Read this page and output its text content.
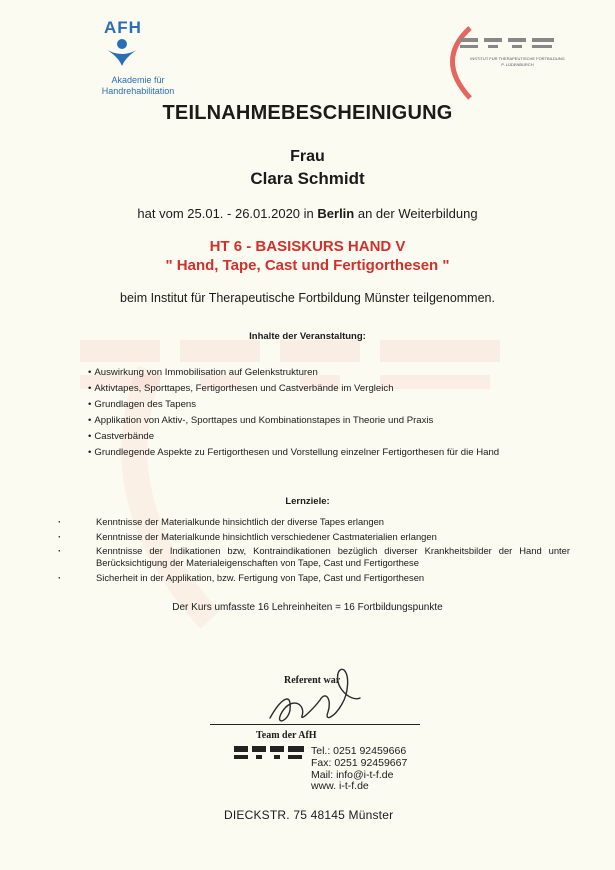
AFH
Akademie für
Handrehabilitation
INSTITUT FÜR THERAPEUTISCHE FORTBILDUNG
P. LÜDENBURCH
TEILNAHMEBESCHEINIGUNG
Frau
Clara Schmidt
hat vom 25.01. - 26.01.2020 in Berlin an der Weiterbildung
HT 6 - BASISKURS HAND V
" Hand, Tape, Cast und Fertigorthesen "
beim Institut für Therapeutische Fortbildung Münster teilgenommen.
Inhalte der Veranstaltung:
• Auswirkung von Immobilisation auf Gelenkstrukturen
• Aktivtapes, Sporttapes, Fertigorthesen und Castverbände im Vergleich
• Grundlagen des Tapens
• Applikation von Aktiv-, Sporttapes und Kombinationstapes in Theorie und Praxis
• Castverbände
• Grundlegende Aspekte zu Fertigorthesen und Vorstellung einzelner Fertigorthesen für die Hand
Lernziele:
· Kenntnisse der Materialkunde hinsichtlich der diverse Tapes erlangen
· Kenntnisse der Materialkunde hinsichtlich verschiedener Castmaterialien erlangen
· Kenntnisse der Indikationen bzw, Kontraindikationen bezüglich diverser Krankheitsbilder der Hand unter Berücksichtigung der Materialeigenschaften von Tape, Cast und Fertigorthese
· Sicherheit in der Applikation, bzw. Fertigung von Tape, Cast und Fertigorthesen
Der Kurs umfasste 16 Lehreinheiten = 16 Fortbildungspunkte
Referent war
Team der AfH
Tel.: 0251 92459666
Fax: 0251 92459667
Mail: info@i-t-f.de
www. i-t-f.de
DIECKSTR. 75 48145 Münster
